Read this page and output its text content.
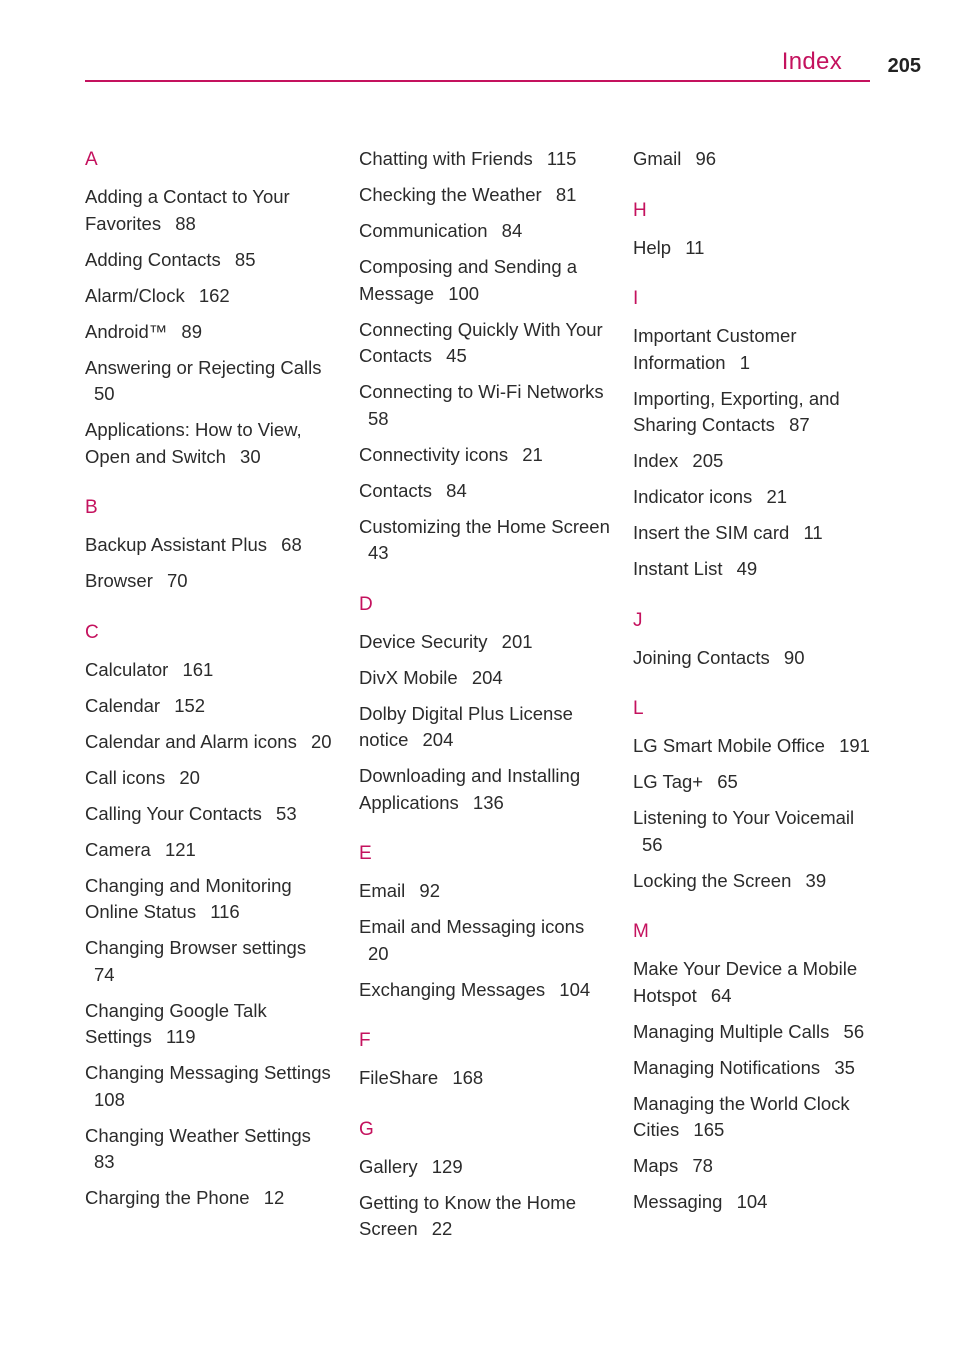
Index 205
A
Adding a Contact to Your Favorites 88
Adding Contacts 85
Alarm/Clock 162
Android™ 89
Answering or Rejecting Calls 50
Applications: How to View, Open and Switch 30
B
Backup Assistant Plus 68
Browser 70
C
Calculator 161
Calendar 152
Calendar and Alarm icons 20
Call icons 20
Calling Your Contacts 53
Camera 121
Changing and Monitoring Online Status 116
Changing Browser settings 74
Changing Google Talk Settings 119
Changing Messaging Settings 108
Changing Weather Settings 83
Charging the Phone 12
Chatting with Friends 115
Checking the Weather 81
Communication 84
Composing and Sending a Message 100
Connecting Quickly With Your Contacts 45
Connecting to Wi-Fi Networks 58
Connectivity icons 21
Contacts 84
Customizing the Home Screen 43
D
Device Security 201
DivX Mobile 204
Dolby Digital Plus License notice 204
Downloading and Installing Applications 136
E
Email 92
Email and Messaging icons 20
Exchanging Messages 104
F
FileShare 168
G
Gallery 129
Getting to Know the Home Screen 22
Gmail 96
H
Help 11
I
Important Customer Information 1
Importing, Exporting, and Sharing Contacts 87
Index 205
Indicator icons 21
Insert the SIM card 11
Instant List 49
J
Joining Contacts 90
L
LG Smart Mobile Office 191
LG Tag+ 65
Listening to Your Voicemail 56
Locking the Screen 39
M
Make Your Device a Mobile Hotspot 64
Managing Multiple Calls 56
Managing Notifications 35
Managing the World Clock Cities 165
Maps 78
Messaging 104
